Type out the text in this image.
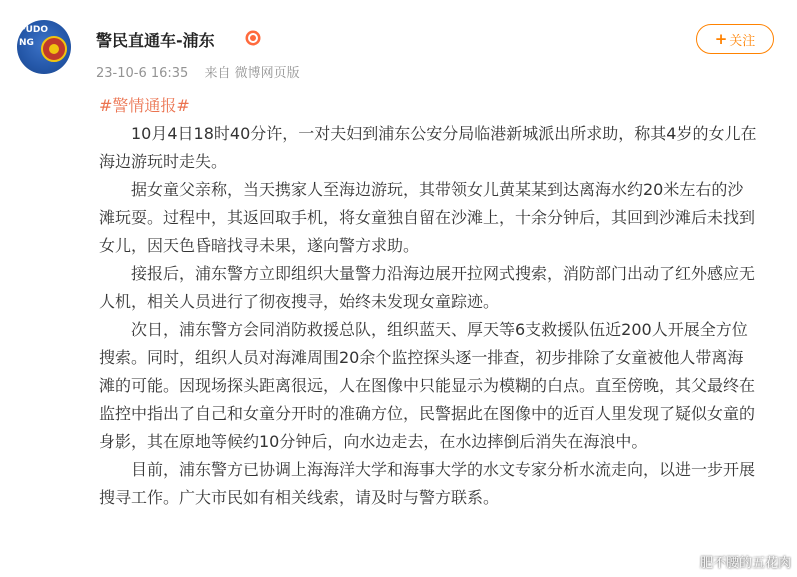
PUDONG	警民直通车-浦东
23-10-6 16:35 来自 微博网页版
+ 关注
#警情通报#

10月4日18时40分许，一对夫妇到浦东公安分局临港新城派出所求助，称其4岁的女儿在海边游玩时走失。

据女童父亲称，当天携家人至海边游玩，其带领女儿黄某某到达离海水约20米左右的沙滩玩耍。过程中，其返回取手机，将女童独自留在沙滩上，十余分钟后，其回到沙滩后未找到女儿，因天色昏暗找寻未果，遂向警方求助。

接报后，浦东警方立即组织大量警力沿海边展开拉网式搜索，消防部门出动了红外感应无人机，相关人员进行了彻夜搜寻，始终未发现女童踪迹。

次日，浦东警方会同消防救援总队，组织蓝天、厚天等6支救援队伍近200人开展全方位搜索。同时，组织人员对海滩周围20余个监控探头逐一排查，初步排除了女童被他人带离海滩的可能。因现场探头距离很远，人在图像中只能显示为模糊的白点。直至傍晚，其父最终在监控中指出了自己和女童分开时的准确方位，民警据此在图像中的近百人里发现了疑似女童的身影，其在原地等候约10分钟后，向水边走去，在水边摔倒后消失在海浪中。

目前，浦东警方已协调上海海洋大学和海事大学的水文专家分析水流走向，以进一步开展搜寻工作。广大市民如有相关线索，请及时与警方联系。

肥不腰的五花肉
